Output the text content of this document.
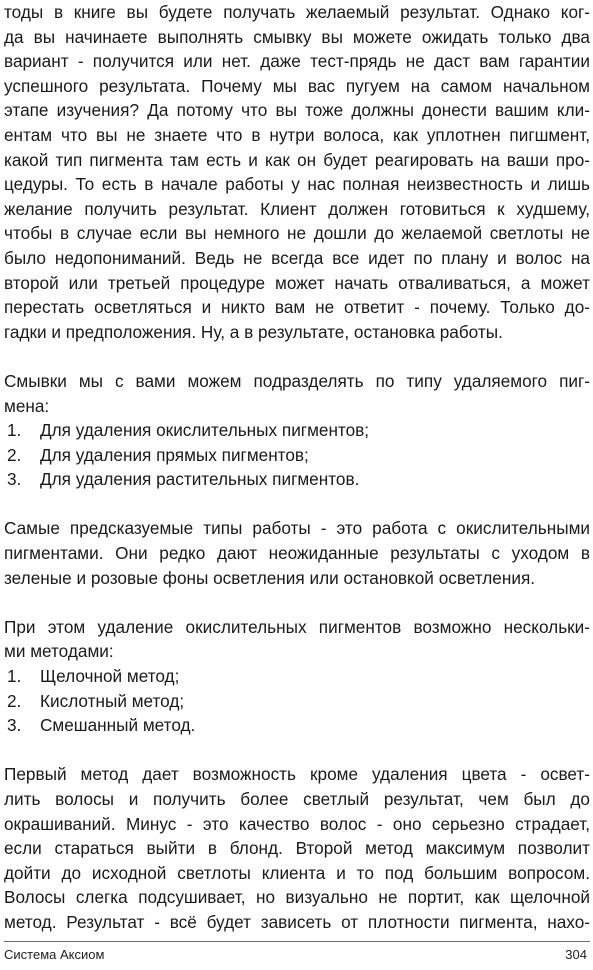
тоды в книге вы будете получать желаемый результат. Однако ког-
да вы начинаете выполнять смывку вы можете ожидать только два
вариант - получится или нет. даже тест-прядь не даст вам гарантии
успешного результата. Почему мы вас пугуем на самом начальном
этапе изучения? Да потому что вы тоже должны донести вашим кли-
ентам что вы не знаете что в нутри волоса, как уплотнен пигшмент,
какой тип пигмента там есть и как он будет реагировать на ваши про-
цедуры. То есть в начале работы у нас полная неизвестность и лишь
желание получить результат. Клиент должен готовиться к худшему,
чтобы в случае если вы немного не дошли до желаемой светлоты не
было недопониманий. Ведь не всегда все идет по плану и волос на
второй или третьей процедуре может начать отваливаться, а может
перестать осветляться и никто вам не ответит - почему. Только до-
гадки и предположения. Ну, а в результате, остановка работы.
Смывки мы с вами можем подразделять по типу удаляемого пиг-
мена:
1.	Для удаления окислительных пигментов;
2.	Для удаления прямых пигментов;
3.	Для удаления растительных пигментов.
Самые предсказуемые типы работы - это работа с окислительными
пигментами. Они редко дают неожиданные результаты с уходом в
зеленые и розовые фоны осветления или остановкой осветления.
При этом удаление окислительных пигментов возможно нескольки-
ми методами:
1.	Щелочной метод;
2.	Кислотный метод;
3.	Смешанный метод.
Первый метод дает возможность кроме удаления цвета - освет-
лить волосы и получить более светлый результат, чем был до
окрашиваний. Минус - это качество волос - оно серьезно страдает,
если стараться выйти в блонд. Второй метод максимум позволит
дойти до исходной светлоты клиента и то под большим вопросом.
Волосы слегка подсушивает, но визуально не портит, как щелочной
метод. Результат - всё будет зависеть от плотности пигмента, нахо-
Система Аксиом	304
